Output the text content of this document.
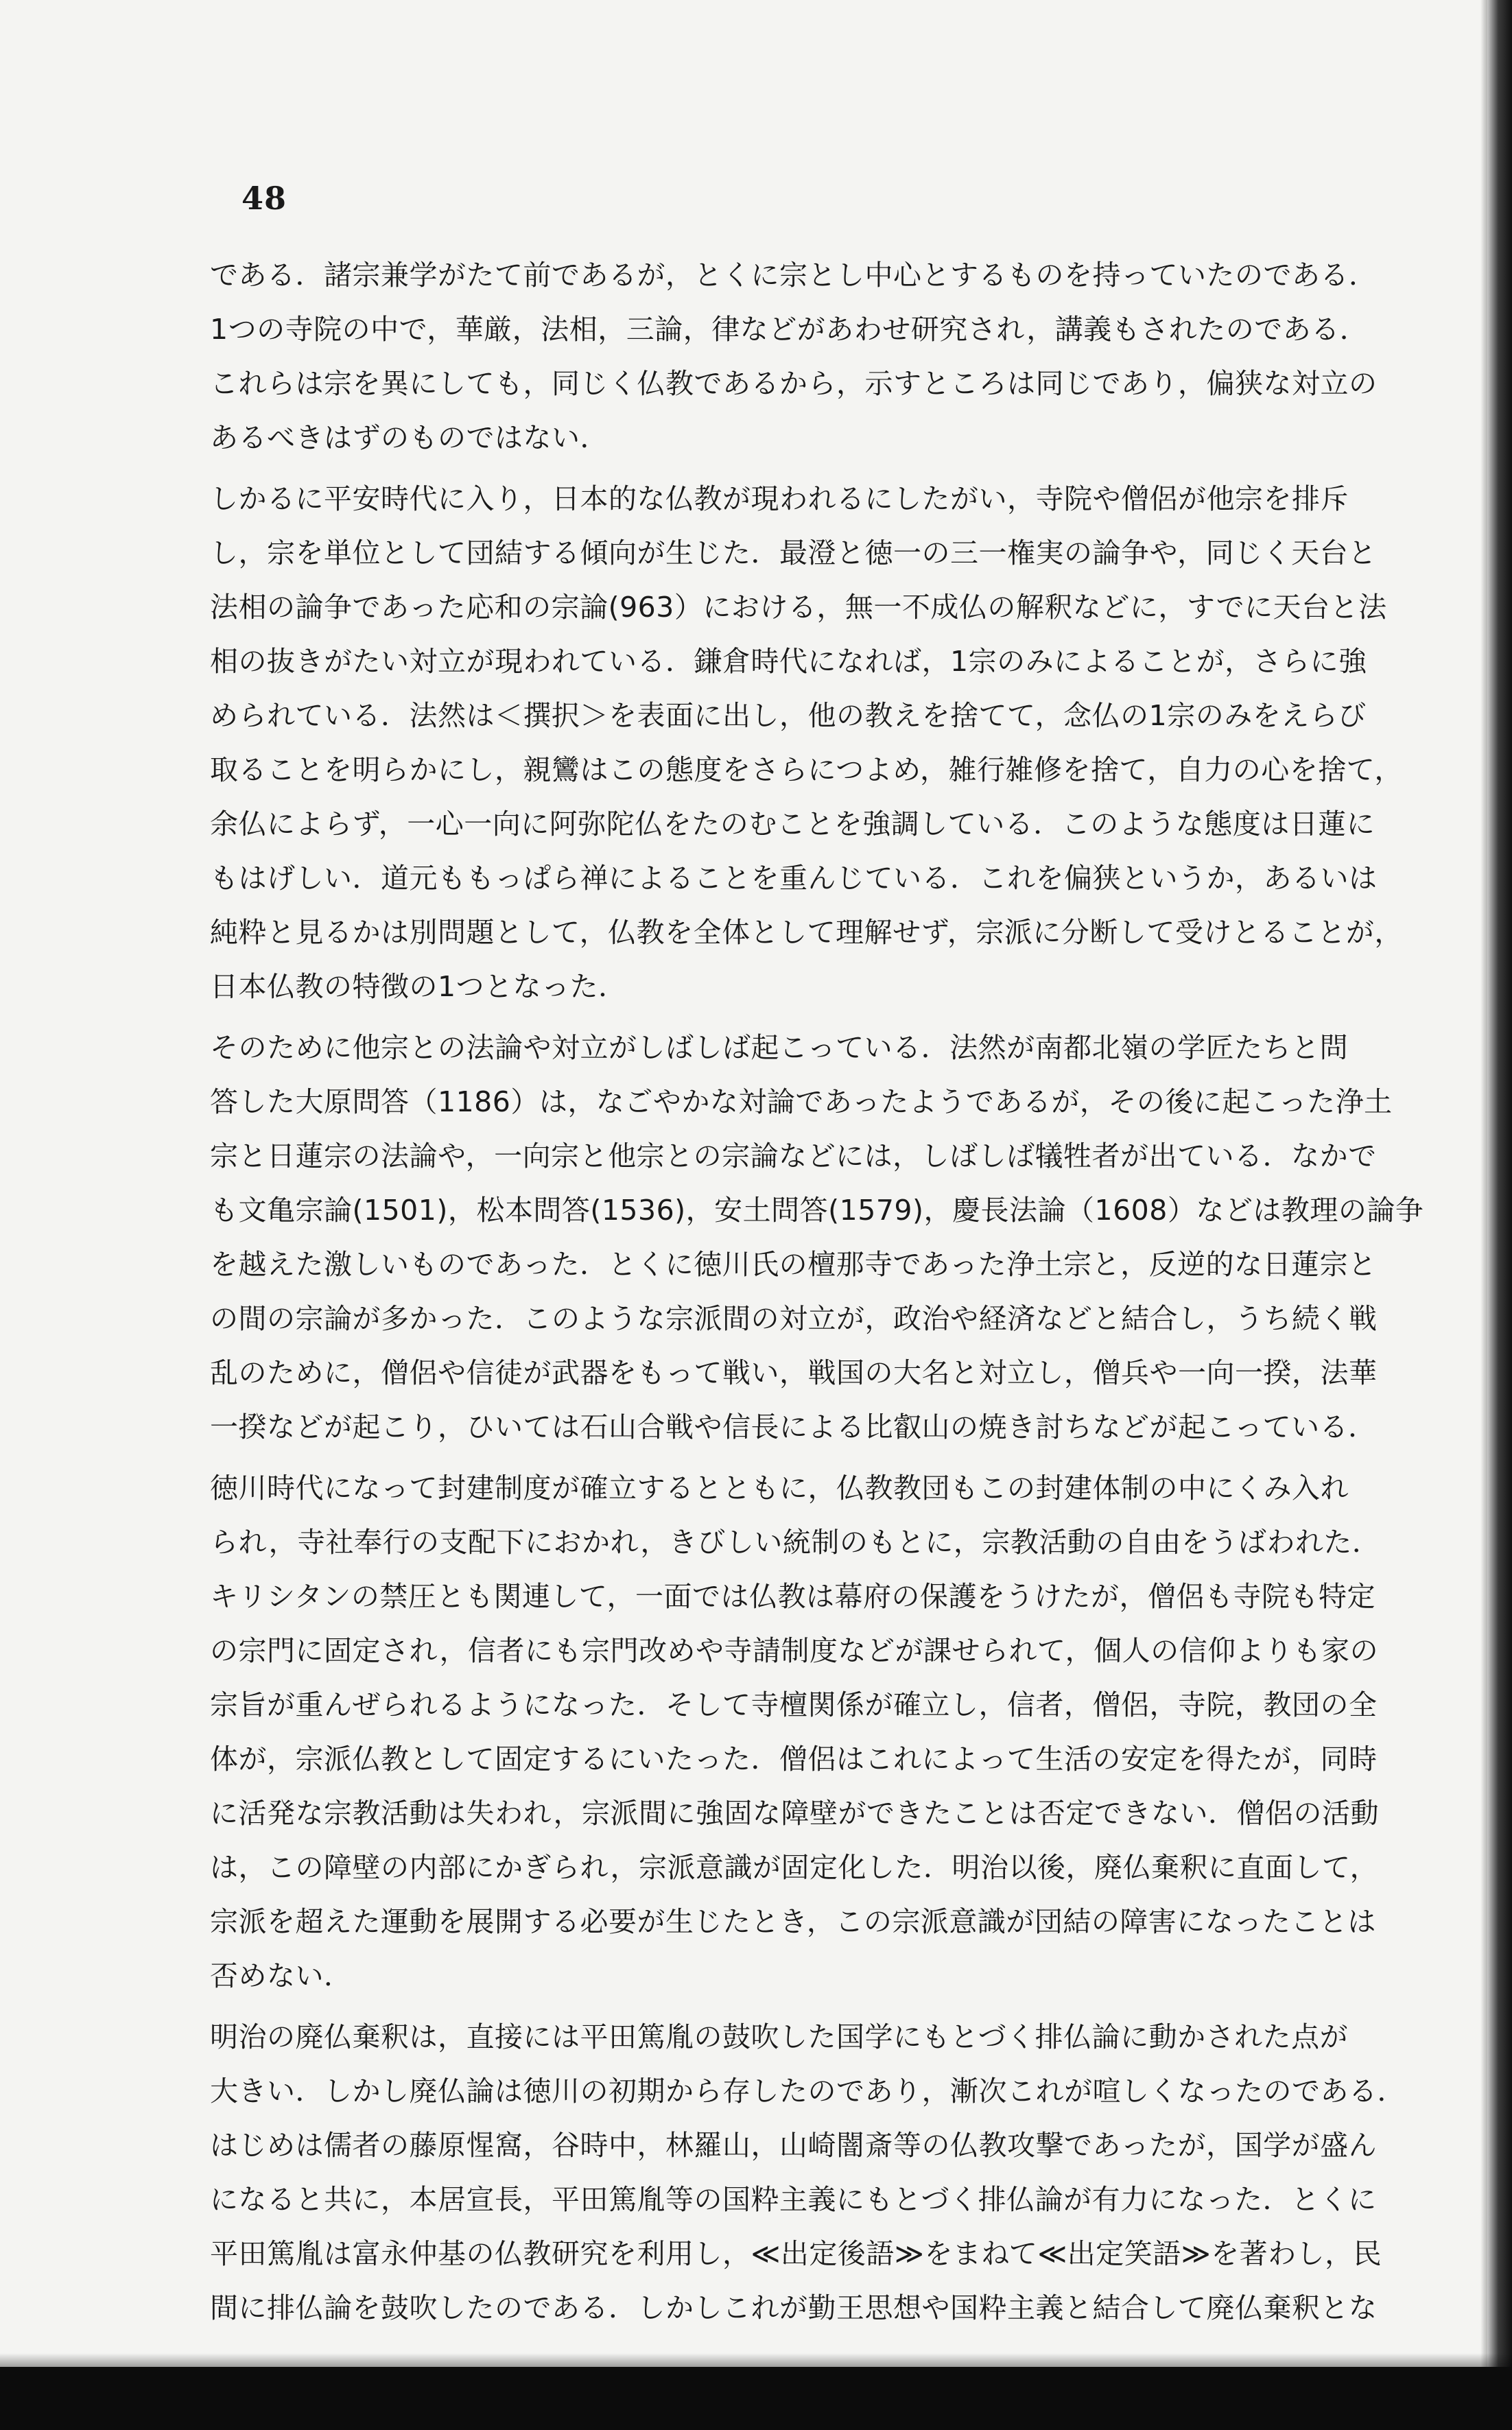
48
である．諸宗兼学がたて前であるが，とくに宗とし中心とするものを持っていたのである．
1つの寺院の中で，華厳，法相，三論，律などがあわせ研究され，講義もされたのである．
これらは宗を異にしても，同じく仏教であるから，示すところは同じであり，偏狭な対立の
あるべきはずのものではない．
しかるに平安時代に入り，日本的な仏教が現われるにしたがい，寺院や僧侶が他宗を排斥
し，宗を単位として団結する傾向が生じた．最澄と徳一の三一権実の論争や，同じく天台と
法相の論争であった応和の宗論(963）における，無一不成仏の解釈などに，すでに天台と法
相の抜きがたい対立が現われている．鎌倉時代になれば，1宗のみによることが，さらに強
められている．法然は＜撰択＞を表面に出し，他の教えを捨てて，念仏の1宗のみをえらび
取ることを明らかにし，親鸞はこの態度をさらにつよめ，雑行雑修を捨て，自力の心を捨て，
余仏によらず，一心一向に阿弥陀仏をたのむことを強調している．このような態度は日蓮に
もはげしい．道元ももっぱら禅によることを重んじている．これを偏狭というか，あるいは
純粋と見るかは別問題として，仏教を全体として理解せず，宗派に分断して受けとることが，
日本仏教の特徴の1つとなった．
そのために他宗との法論や対立がしばしば起こっている．法然が南都北嶺の学匠たちと問
答した大原問答（1186）は，なごやかな対論であったようであるが，その後に起こった浄土
宗と日蓮宗の法論や，一向宗と他宗との宗論などには，しばしば犠牲者が出ている．なかで
も文亀宗論(1501)，松本問答(1536)，安土問答(1579)，慶長法論（1608）などは教理の論争
を越えた激しいものであった．とくに徳川氏の檀那寺であった浄土宗と，反逆的な日蓮宗と
の間の宗論が多かった．このような宗派間の対立が，政治や経済などと結合し，うち続く戦
乱のために，僧侶や信徒が武器をもって戦い，戦国の大名と対立し，僧兵や一向一揆，法華
一揆などが起こり，ひいては石山合戦や信長による比叡山の焼き討ちなどが起こっている．
徳川時代になって封建制度が確立するとともに，仏教教団もこの封建体制の中にくみ入れ
られ，寺社奉行の支配下におかれ，きびしい統制のもとに，宗教活動の自由をうばわれた．
キリシタンの禁圧とも関連して，一面では仏教は幕府の保護をうけたが，僧侶も寺院も特定
の宗門に固定され，信者にも宗門改めや寺請制度などが課せられて，個人の信仰よりも家の
宗旨が重んぜられるようになった．そして寺檀関係が確立し，信者，僧侶，寺院，教団の全
体が，宗派仏教として固定するにいたった．僧侶はこれによって生活の安定を得たが，同時
に活発な宗教活動は失われ，宗派間に強固な障壁ができたことは否定できない．僧侶の活動
は，この障壁の内部にかぎられ，宗派意識が固定化した．明治以後，廃仏棄釈に直面して，
宗派を超えた運動を展開する必要が生じたとき，この宗派意識が団結の障害になったことは
否めない．
明治の廃仏棄釈は，直接には平田篤胤の鼓吹した国学にもとづく排仏論に動かされた点が
大きい．しかし廃仏論は徳川の初期から存したのであり，漸次これが喧しくなったのである．
はじめは儒者の藤原惺窩，谷時中，林羅山，山崎闇斎等の仏教攻撃であったが，国学が盛ん
になると共に，本居宣長，平田篤胤等の国粋主義にもとづく排仏論が有力になった．とくに
平田篤胤は富永仲基の仏教研究を利用し，≪出定後語≫をまねて≪出定笑語≫を著わし，民
間に排仏論を鼓吹したのである．しかしこれが勤王思想や国粋主義と結合して廃仏棄釈とな
